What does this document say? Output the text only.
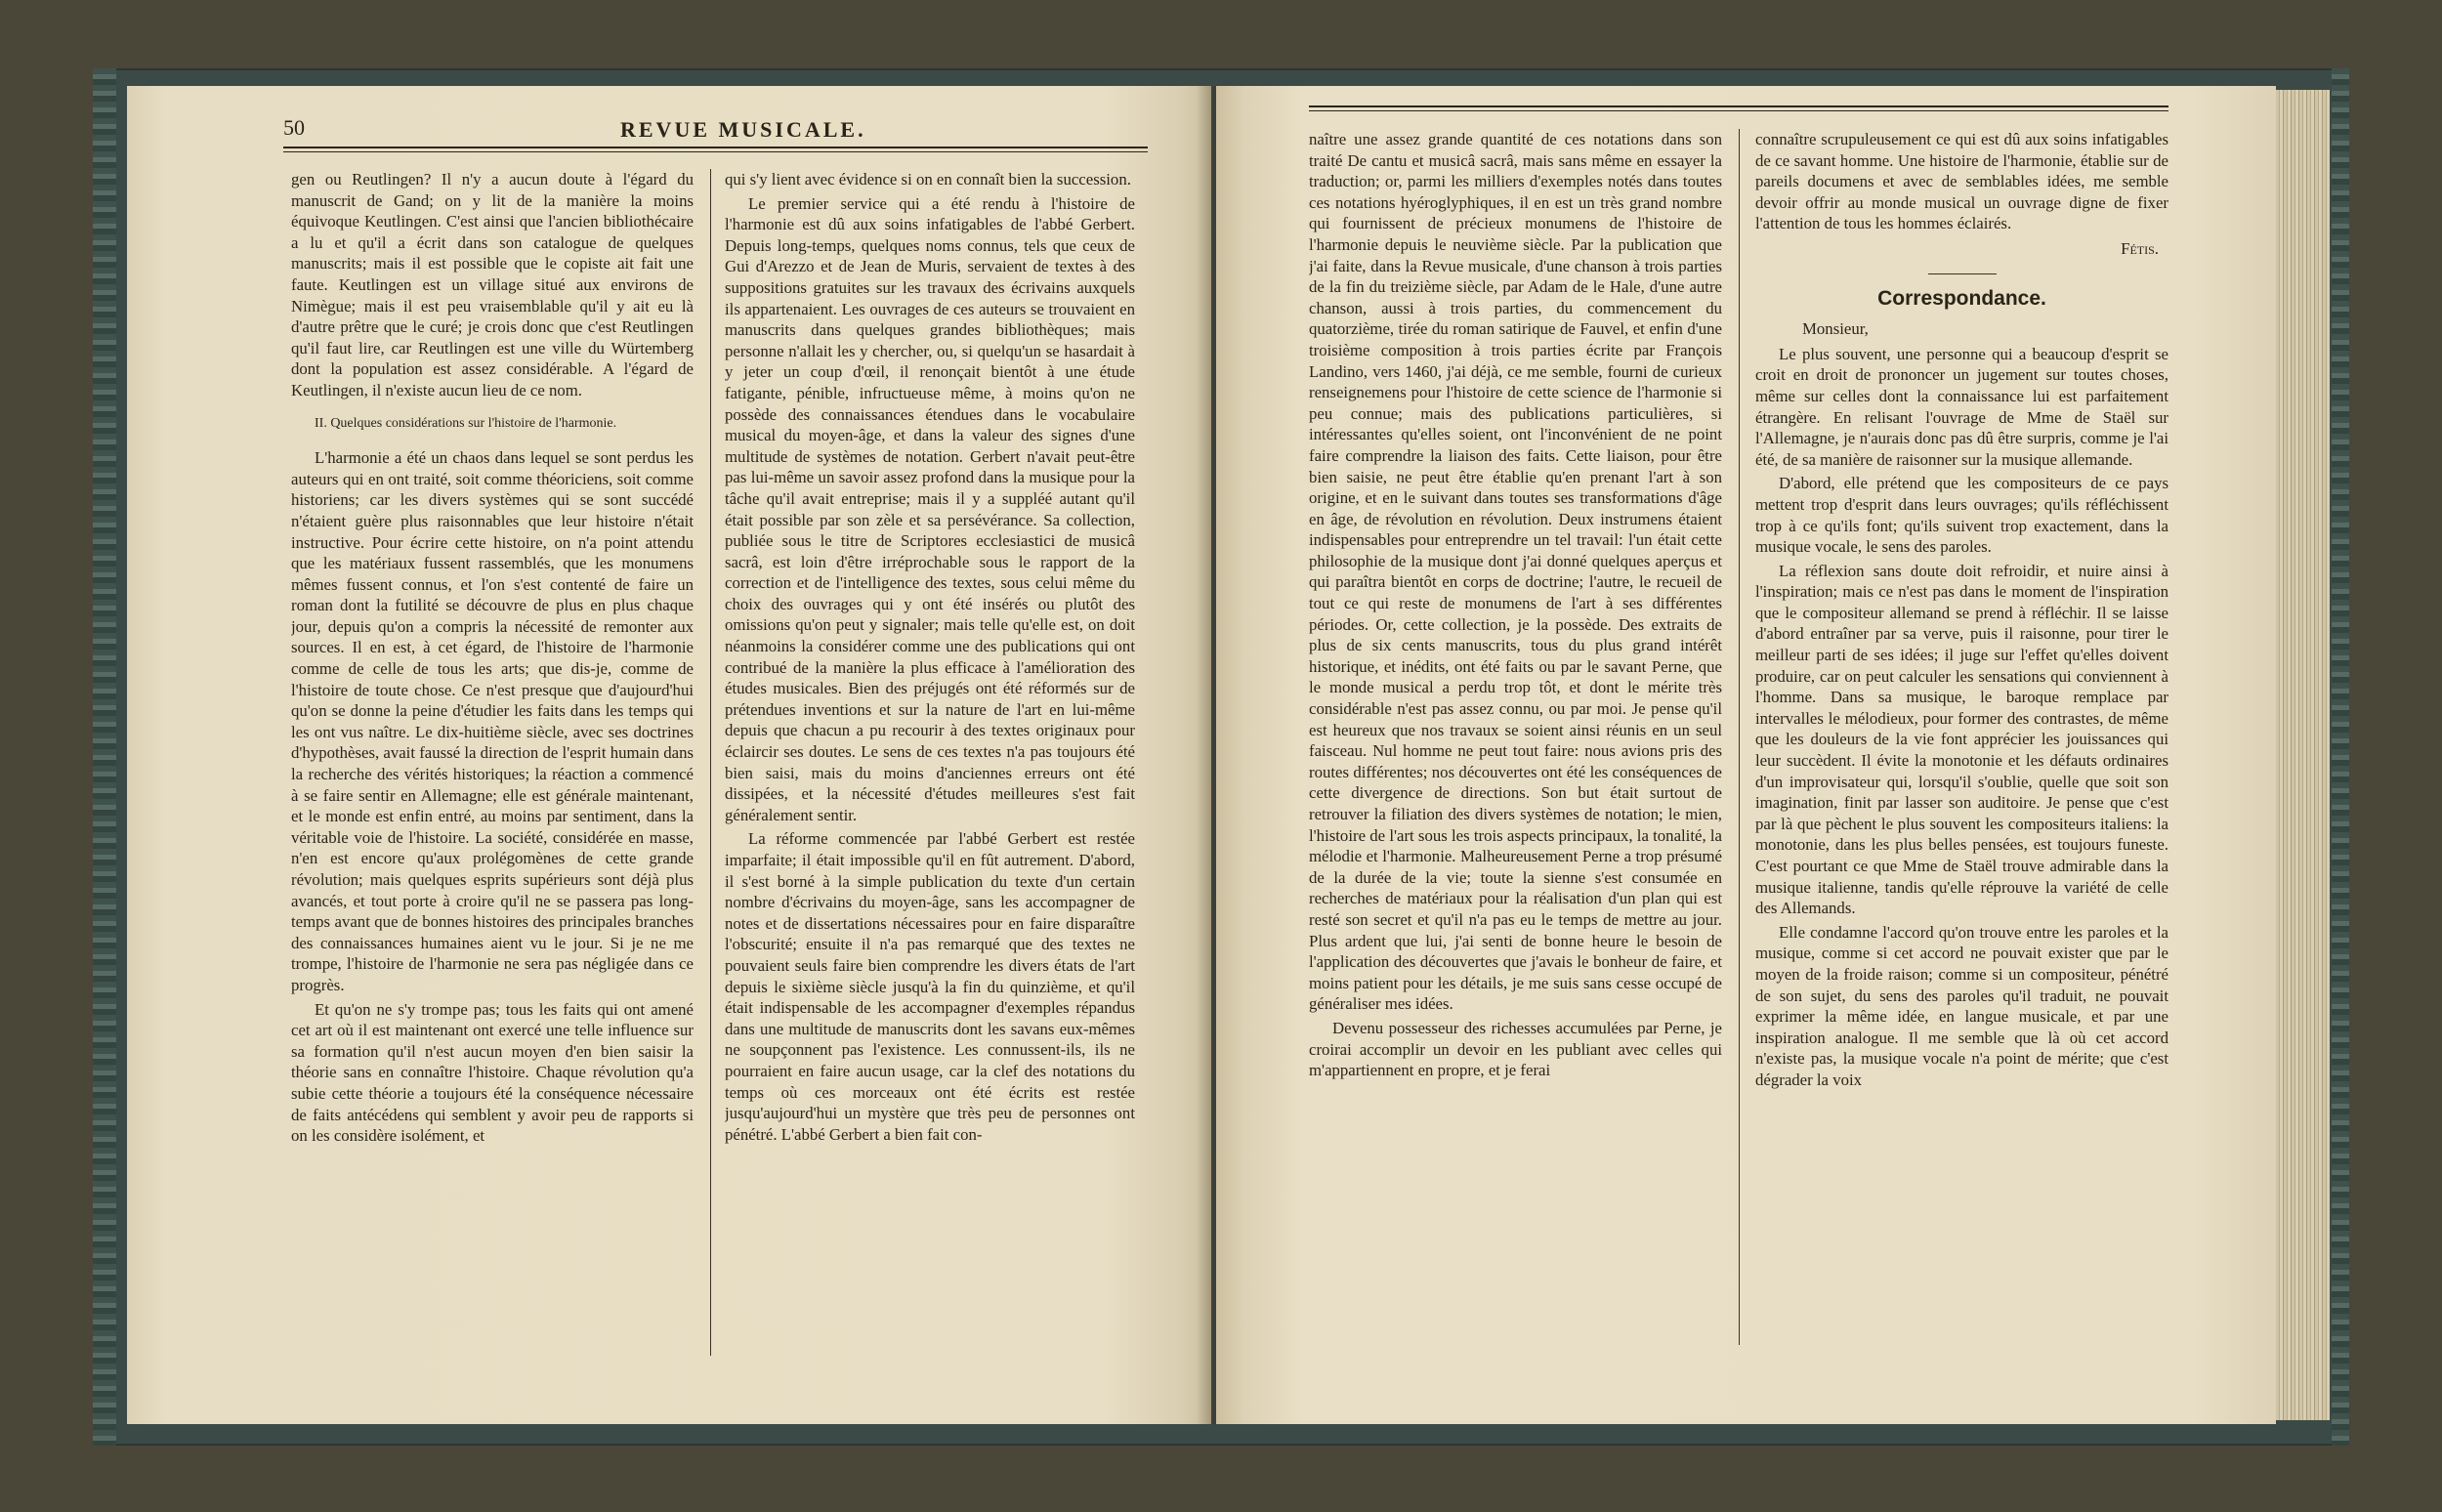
50	REVUE MUSICALE.

gen ou Reutlingen? Il n'y a aucun doute à l'égard du manuscrit de Gand; on y lit de la manière la moins équivoque Keutlingen. C'est ainsi que l'ancien bibliothécaire a lu et qu'il a écrit dans son catalogue de quelques manuscrits; mais il est possible que le copiste ait fait une faute. Keutlingen est un village situé aux environs de Nimègue; mais il est peu vraisemblable qu'il y ait eu là d'autre prêtre que le curé; je crois donc que c'est Reutlingen qu'il faut lire, car Reutlingen est une ville du Würtemberg dont la population est assez considérable. A l'égard de Keutlingen, il n'existe aucun lieu de ce nom.

II. Quelques considérations sur l'histoire de l'harmonie.

L'harmonie a été un chaos dans lequel se sont perdus les auteurs qui en ont traité, soit comme théoriciens, soit comme historiens; car les divers systèmes qui se sont succédé n'étaient guère plus raisonnables que leur histoire n'était instructive. Pour écrire cette histoire, on n'a point attendu que les matériaux fussent rassemblés, que les monumens mêmes fussent connus, et l'on s'est contenté de faire un roman dont la futilité se découvre de plus en plus chaque jour, depuis qu'on a compris la nécessité de remonter aux sources. Il en est, à cet égard, de l'histoire de l'harmonie comme de celle de tous les arts; que dis-je, comme de l'histoire de toute chose. Ce n'est presque que d'aujourd'hui qu'on se donne la peine d'étudier les faits dans les temps qui les ont vus naître. Le dix-huitième siècle, avec ses doctrines d'hypothèses, avait faussé la direction de l'esprit humain dans la recherche des vérités historiques; la réaction a commencé à se faire sentir en Allemagne; elle est générale maintenant, et le monde est enfin entré, au moins par sentiment, dans la véritable voie de l'histoire. La société, considérée en masse, n'en est encore qu'aux prolégomènes de cette grande révolution; mais quelques esprits supérieurs sont déjà plus avancés, et tout porte à croire qu'il ne se passera pas long-temps avant que de bonnes histoires des principales branches des connaissances humaines aient vu le jour. Si je ne me trompe, l'histoire de l'harmonie ne sera pas négligée dans ce progrès.

Et qu'on ne s'y trompe pas; tous les faits qui ont amené cet art où il est maintenant ont exercé une telle influence sur sa formation qu'il n'est aucun moyen d'en bien saisir la théorie sans en connaître l'histoire. Chaque révolution qu'a subie cette théorie a toujours été la conséquence nécessaire de faits antécédens qui semblent y avoir peu de rapports si on les considère isolément, et

qui s'y lient avec évidence si on en connaît bien la succession.

Le premier service qui a été rendu à l'histoire de l'harmonie est dû aux soins infatigables de l'abbé Gerbert. Depuis long-temps, quelques noms connus, tels que ceux de Gui d'Arezzo et de Jean de Muris, servaient de textes à des suppositions gratuites sur les travaux des écrivains auxquels ils appartenaient. Les ouvrages de ces auteurs se trouvaient en manuscrits dans quelques grandes bibliothèques; mais personne n'allait les y chercher, ou, si quelqu'un se hasardait à y jeter un coup d'œil, il renonçait bientôt à une étude fatigante, pénible, infructueuse même, à moins qu'on ne possède des connaissances étendues dans le vocabulaire musical du moyen-âge, et dans la valeur des signes d'une multitude de systèmes de notation. Gerbert n'avait peut-être pas lui-même un savoir assez profond dans la musique pour la tâche qu'il avait entreprise; mais il y a suppléé autant qu'il était possible par son zèle et sa persévérance. Sa collection, publiée sous le titre de Scriptores ecclesiastici de musicâ sacrâ, est loin d'être irréprochable sous le rapport de la correction et de l'intelligence des textes, sous celui même du choix des ouvrages qui y ont été insérés ou plutôt des omissions qu'on peut y signaler; mais telle qu'elle est, on doit néanmoins la considérer comme une des publications qui ont contribué de la manière la plus efficace à l'amélioration des études musicales. Bien des préjugés ont été réformés sur de prétendues inventions et sur la nature de l'art en lui-même depuis que chacun a pu recourir à des textes originaux pour éclaircir ses doutes. Le sens de ces textes n'a pas toujours été bien saisi, mais du moins d'anciennes erreurs ont été dissipées, et la nécessité d'études meilleures s'est fait généralement sentir.

La réforme commencée par l'abbé Gerbert est restée imparfaite; il était impossible qu'il en fût autrement. D'abord, il s'est borné à la simple publication du texte d'un certain nombre d'écrivains du moyen-âge, sans les accompagner de notes et de dissertations nécessaires pour en faire disparaître l'obscurité; ensuite il n'a pas remarqué que des textes ne pouvaient seuls faire bien comprendre les divers états de l'art depuis le sixième siècle jusqu'à la fin du quinzième, et qu'il était indispensable de les accompagner d'exemples répandus dans une multitude de manuscrits dont les savans eux-mêmes ne soupçonnent pas l'existence. Les connussent-ils, ils ne pourraient en faire aucun usage, car la clef des notations du temps où ces morceaux ont été écrits est restée jusqu'aujourd'hui un mystère que très peu de personnes ont pénétré. L'abbé Gerbert a bien fait con-

naître une assez grande quantité de ces notations dans son traité De cantu et musicâ sacrâ, mais sans même en essayer la traduction; or, parmi les milliers d'exemples notés dans toutes ces notations hyéroglyphiques, il en est un très grand nombre qui fournissent de précieux monumens de l'histoire de l'harmonie depuis le neuvième siècle. Par la publication que j'ai faite, dans la Revue musicale, d'une chanson à trois parties de la fin du treizième siècle, par Adam de le Hale, d'une autre chanson, aussi à trois parties, du commencement du quatorzième, tirée du roman satirique de Fauvel, et enfin d'une troisième composition à trois parties écrite par François Landino, vers 1460, j'ai déjà, ce me semble, fourni de curieux renseignemens pour l'histoire de cette science de l'harmonie si peu connue; mais des publications particulières, si intéressantes qu'elles soient, ont l'inconvénient de ne point faire comprendre la liaison des faits. Cette liaison, pour être bien saisie, ne peut être établie qu'en prenant l'art à son origine, et en le suivant dans toutes ses transformations d'âge en âge, de révolution en révolution. Deux instrumens étaient indispensables pour entreprendre un tel travail: l'un était cette philosophie de la musique dont j'ai donné quelques aperçus et qui paraîtra bientôt en corps de doctrine; l'autre, le recueil de tout ce qui reste de monumens de l'art à ses différentes périodes. Or, cette collection, je la possède. Des extraits de plus de six cents manuscrits, tous du plus grand intérêt historique, et inédits, ont été faits ou par le savant Perne, que le monde musical a perdu trop tôt, et dont le mérite très considérable n'est pas assez connu, ou par moi. Je pense qu'il est heureux que nos travaux se soient ainsi réunis en un seul faisceau. Nul homme ne peut tout faire: nous avions pris des routes différentes; nos découvertes ont été les conséquences de cette divergence de directions. Son but était surtout de retrouver la filiation des divers systèmes de notation; le mien, l'histoire de l'art sous les trois aspects principaux, la tonalité, la mélodie et l'harmonie. Malheureusement Perne a trop présumé de la durée de la vie; toute la sienne s'est consumée en recherches de matériaux pour la réalisation d'un plan qui est resté son secret et qu'il n'a pas eu le temps de mettre au jour. Plus ardent que lui, j'ai senti de bonne heure le besoin de l'application des découvertes que j'avais le bonheur de faire, et moins patient pour les détails, je me suis sans cesse occupé de généraliser mes idées.

Devenu possesseur des richesses accumulées par Perne, je croirai accomplir un devoir en les publiant avec celles qui m'appartiennent en propre, et je ferai

connaître scrupuleusement ce qui est dû aux soins infatigables de ce savant homme. Une histoire de l'harmonie, établie sur de pareils documens et avec de semblables idées, me semble devoir offrir au monde musical un ouvrage digne de fixer l'attention de tous les hommes éclairés.

Fétis.
Correspondance.
Monsieur,

Le plus souvent, une personne qui a beaucoup d'esprit se croit en droit de prononcer un jugement sur toutes choses, même sur celles dont la connaissance lui est parfaitement étrangère. En relisant l'ouvrage de Mme de Staël sur l'Allemagne, je n'aurais donc pas dû être surpris, comme je l'ai été, de sa manière de raisonner sur la musique allemande.

D'abord, elle prétend que les compositeurs de ce pays mettent trop d'esprit dans leurs ouvrages; qu'ils réfléchissent trop à ce qu'ils font; qu'ils suivent trop exactement, dans la musique vocale, le sens des paroles.

La réflexion sans doute doit refroidir, et nuire ainsi à l'inspiration; mais ce n'est pas dans le moment de l'inspiration que le compositeur allemand se prend à réfléchir. Il se laisse d'abord entraîner par sa verve, puis il raisonne, pour tirer le meilleur parti de ses idées; il juge sur l'effet qu'elles doivent produire, car on peut calculer les sensations qui conviennent à l'homme. Dans sa musique, le baroque remplace par intervalles le mélodieux, pour former des contrastes, de même que les douleurs de la vie font apprécier les jouissances qui leur succèdent. Il évite la monotonie et les défauts ordinaires d'un improvisateur qui, lorsqu'il s'oublie, quelle que soit son imagination, finit par lasser son auditoire. Je pense que c'est par là que pèchent le plus souvent les compositeurs italiens: la monotonie, dans les plus belles pensées, est toujours funeste. C'est pourtant ce que Mme de Staël trouve admirable dans la musique italienne, tandis qu'elle réprouve la variété de celle des Allemands.

Elle condamne l'accord qu'on trouve entre les paroles et la musique, comme si cet accord ne pouvait exister que par le moyen de la froide raison; comme si un compositeur, pénétré de son sujet, du sens des paroles qu'il traduit, ne pouvait exprimer la même idée, en langue musicale, et par une inspiration analogue. Il me semble que là où cet accord n'existe pas, la musique vocale n'a point de mérite; que c'est dégrader la voix
